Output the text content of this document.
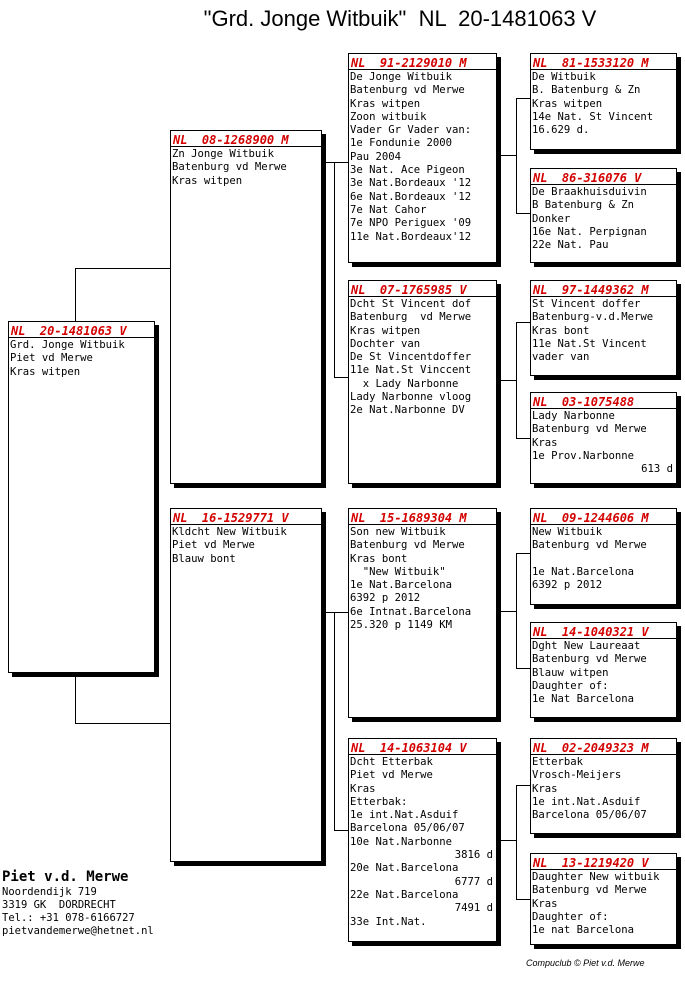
"Grd. Jonge Witbuik"  NL  20-1481063 V
NL  20-1481063 V
Grd. Jonge Witbuik
Piet vd Merwe
Kras witpen
NL  08-1268900 M
Zn Jonge Witbuik
Batenburg vd Merwe
Kras witpen
NL  16-1529771 V
Kldcht New Witbuik
Piet vd Merwe
Blauw bont
NL  91-2129010 M
De Jonge Witbuik
Batenburg vd Merwe
Kras witpen
Zoon witbuik
Vader Gr Vader van:
1e Fondunie 2000
Pau 2004
3e Nat. Ace Pigeon
3e Nat.Bordeaux '12
6e Nat.Bordeaux '12
7e Nat Cahor
7e NPO Periguex '09
11e Nat.Bordeaux'12
NL  07-1765985 V
Dcht St Vincent dof
Batenburg  vd Merwe
Kras witpen
Dochter van
De St Vincentdoffer
11e Nat.St Vinccent
x Lady Narbonne
Lady Narbonne vloog
2e Nat.Narbonne DV
NL  15-1689304 M
Son new Witbuik
Batenburg vd Merwe
Kras bont
"New Witbuik"
1e Nat.Barcelona
6392 p 2012
6e Intnat.Barcelona
25.320 p 1149 KM
NL  14-1063104 V
Dcht Etterbak
Piet vd Merwe
Kras
Etterbak:
1e int.Nat.Asduif
Barcelona 05/06/07
10e Nat.Narbonne
3816 d
20e Nat.Barcelona
6777 d
22e Nat.Barcelona
7491 d
33e Int.Nat.
NL  81-1533120 M
De Witbuik
B. Batenburg & Zn
Kras witpen
14e Nat. St Vincent
16.629 d.
NL  86-316076 V
De Braakhuisduivin
B Batenburg & Zn
Donker
16e Nat. Perpignan
22e Nat. Pau
NL  97-1449362 M
St Vincent doffer
Batenburg-v.d.Merwe
Kras bont
11e Nat.St Vincent
vader van
NL  03-1075488
Lady Narbonne
Batenburg vd Merwe
Kras
1e Prov.Narbonne
613 d
NL  09-1244606 M
New Witbuik
Batenburg vd Merwe

1e Nat.Barcelona
6392 p 2012
NL  14-1040321 V
Dght New Laureaat
Batenburg vd Merwe
Blauw witpen
Daughter of:
1e Nat Barcelona
NL  02-2049323 M
Etterbak
Vrosch-Meijers
Kras
1e int.Nat.Asduif
Barcelona 05/06/07
NL  13-1219420 V
Daughter New witbuik
Batenburg vd Merwe
Kras
Daughter of:
1e nat Barcelona
Piet v.d. Merwe
Noordendijk 719
3319 GK  DORDRECHT
Tel.: +31 078-6166727
pietvandemerwe@hetnet.nl
Compuclub © Piet v.d. Merwe
